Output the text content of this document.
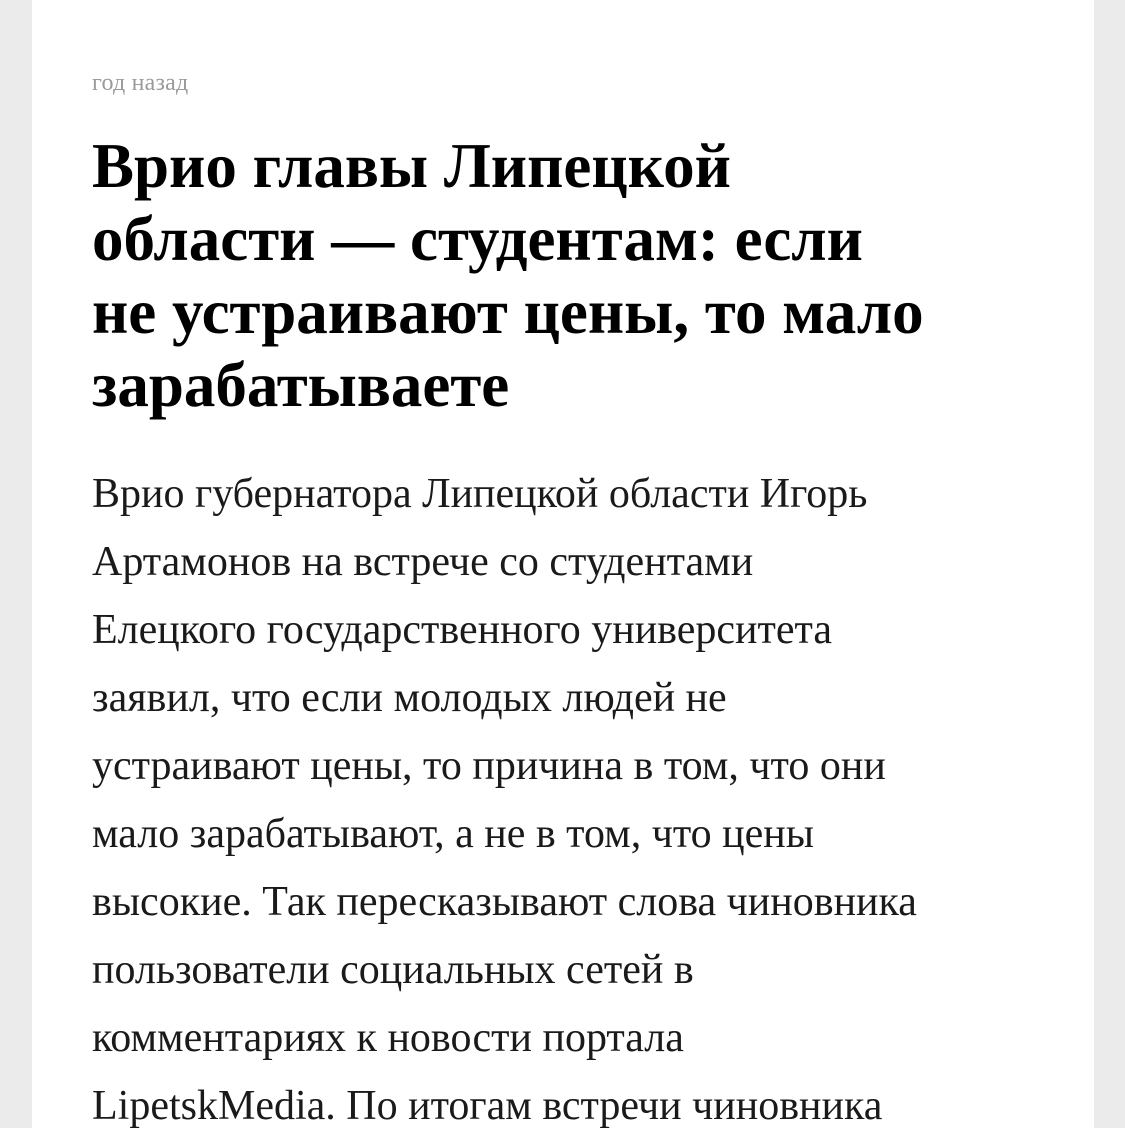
год назад
Врио главы Липецкой
области — студентам: если
не устраивают цены, то мало
зарабатываете

Врио губернатора Липецкой области Игорь
Артамонов на встрече со студентами
Елецкого государственного университета
заявил, что если молодых людей не
устраивают цены, то причина в том, что они
мало зарабатывают, а не в том, что цены
высокие. Так пересказывают слова чиновника
пользователи социальных сетей в
комментариях к новости портала
LipetskMedia. По итогам встречи чиновника
